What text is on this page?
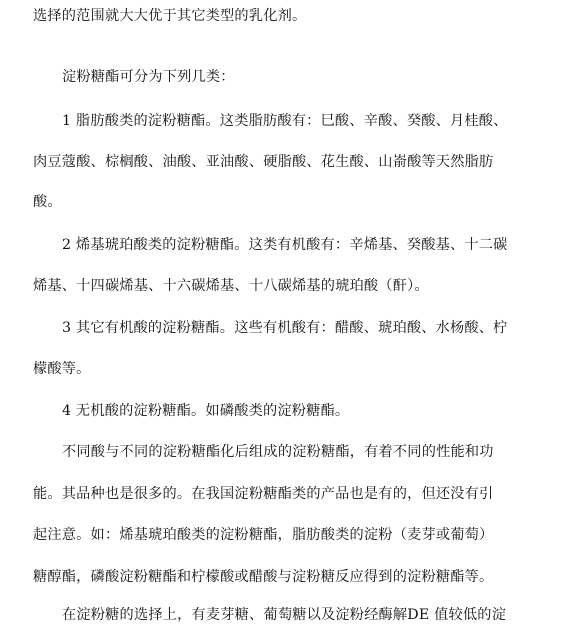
选择的范围就大大优于其它类型的乳化剂。
淀粉糖酯可分为下列几类：
1 脂肪酸类的淀粉糖酯。这类脂肪酸有：巳酸、辛酸、癸酸、月桂酸、
肉豆蔻酸、棕榈酸、油酸、亚油酸、硬脂酸、花生酸、山嵛酸等天然脂肪
酸。
2 烯基琥珀酸类的淀粉糖酯。这类有机酸有：辛烯基、癸酸基、十二碳
烯基、十四碳烯基、十六碳烯基、十八碳烯基的琥珀酸（酐）。
3 其它有机酸的淀粉糖酯。这些有机酸有：醋酸、琥珀酸、水杨酸、柠
檬酸等。
4 无机酸的淀粉糖酯。如磷酸类的淀粉糖酯。
不同酸与不同的淀粉糖酯化后组成的淀粉糖酯，有着不同的性能和功
能。其品种也是很多的。在我国淀粉糖酯类的产品也是有的，但还没有引
起注意。如：烯基琥珀酸类的淀粉糖酯，脂肪酸类的淀粉（麦芽或葡萄）
糖醇酯，磷酸淀粉糖酯和柠檬酸或醋酸与淀粉糖反应得到的淀粉糖酯等。
在淀粉糖的选择上，有麦芽糖、葡萄糖以及淀粉经酶解DE 值较低的淀
